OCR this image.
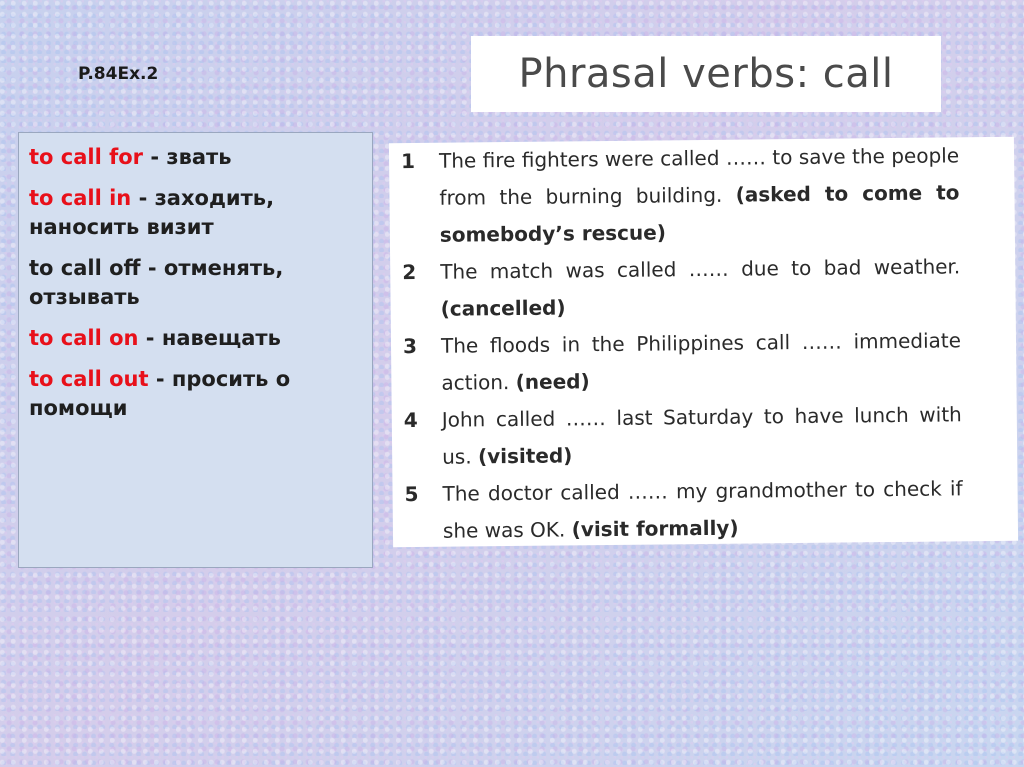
P.84Ex.2	Phrasal verbs: call
to call for - звать
to call in - заходить, наносить визит
to call off - отменять, отзывать
to call on - навещать
to call out - просить о помощи
1	The fire fighters were called …… to save the people from the burning building. (asked to come to somebody’s rescue)
2	The match was called …… due to bad weather. (cancelled)
3	The floods in the Philippines call …… immediate action. (need)
4	John called …… last Saturday to have lunch with us. (visited)
5	The doctor called …… my grandmother to check if she was OK. (visit formally)
